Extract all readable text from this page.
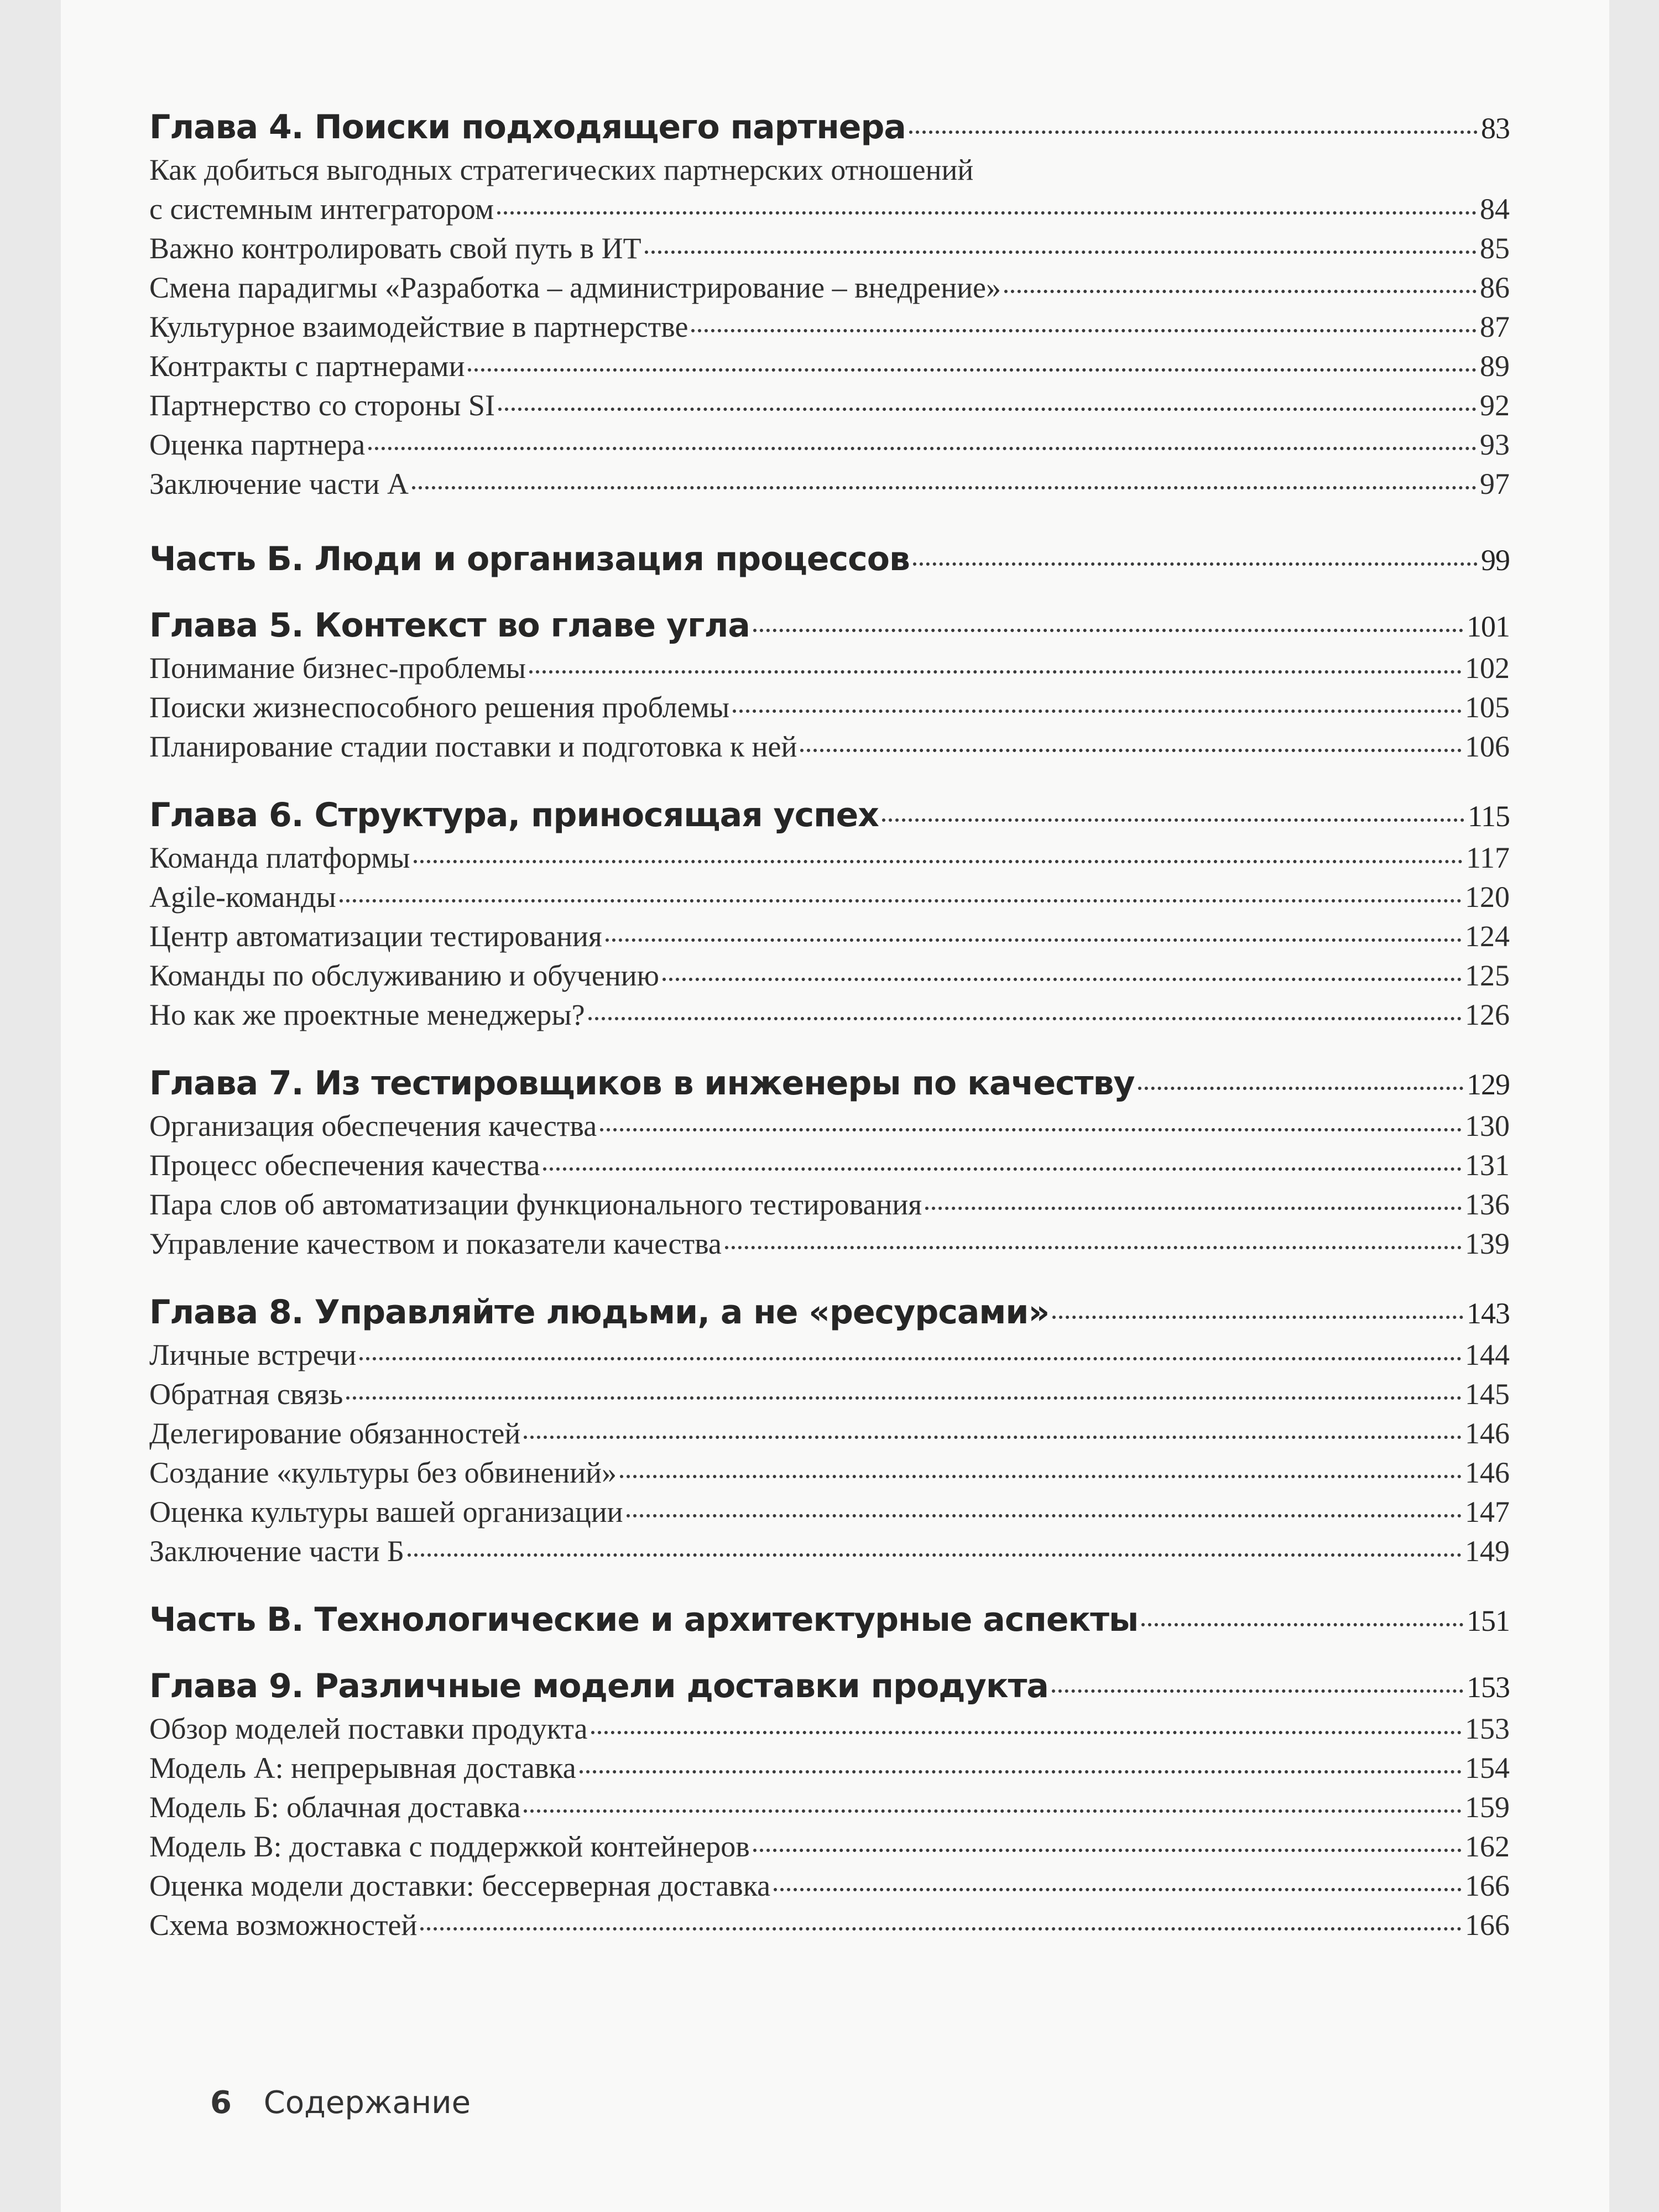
Глава 4. Поиски подходящего партнера	83
Как добиться выгодных стратегических партнерских отношений
с системным интегратором	84
Важно контролировать свой путь в ИТ	85
Смена парадигмы «Разработка – администрирование – внедрение»	86
Культурное взаимодействие в партнерстве	87
Контракты с партнерами	89
Партнерство со стороны SI	92
Оценка партнера	93
Заключение части А	97
Часть Б. Люди и организация процессов	99
Глава 5. Контекст во главе угла	101
Понимание бизнес-проблемы	102
Поиски жизнеспособного решения проблемы	105
Планирование стадии поставки и подготовка к ней	106
Глава 6. Структура, приносящая успех	115
Команда платформы	117
Agile-команды	120
Центр автоматизации тестирования	124
Команды по обслуживанию и обучению	125
Но как же проектные менеджеры?	126
Глава 7. Из тестировщиков в инженеры по качеству	129
Организация обеспечения качества	130
Процесс обеспечения качества	131
Пара слов об автоматизации функционального тестирования	136
Управление качеством и показатели качества	139
Глава 8. Управляйте людьми, а не «ресурсами»	143
Личные встречи	144
Обратная связь	145
Делегирование обязанностей	146
Создание «культуры без обвинений»	146
Оценка культуры вашей организации	147
Заключение части Б	149
Часть В. Технологические и архитектурные аспекты	151
Глава 9. Различные модели доставки продукта	153
Обзор моделей поставки продукта	153
Модель А: непрерывная доставка	154
Модель Б: облачная доставка	159
Модель В: доставка с поддержкой контейнеров	162
Оценка модели доставки: бессерверная доставка	166
Схема возможностей	166
6 Содержание
